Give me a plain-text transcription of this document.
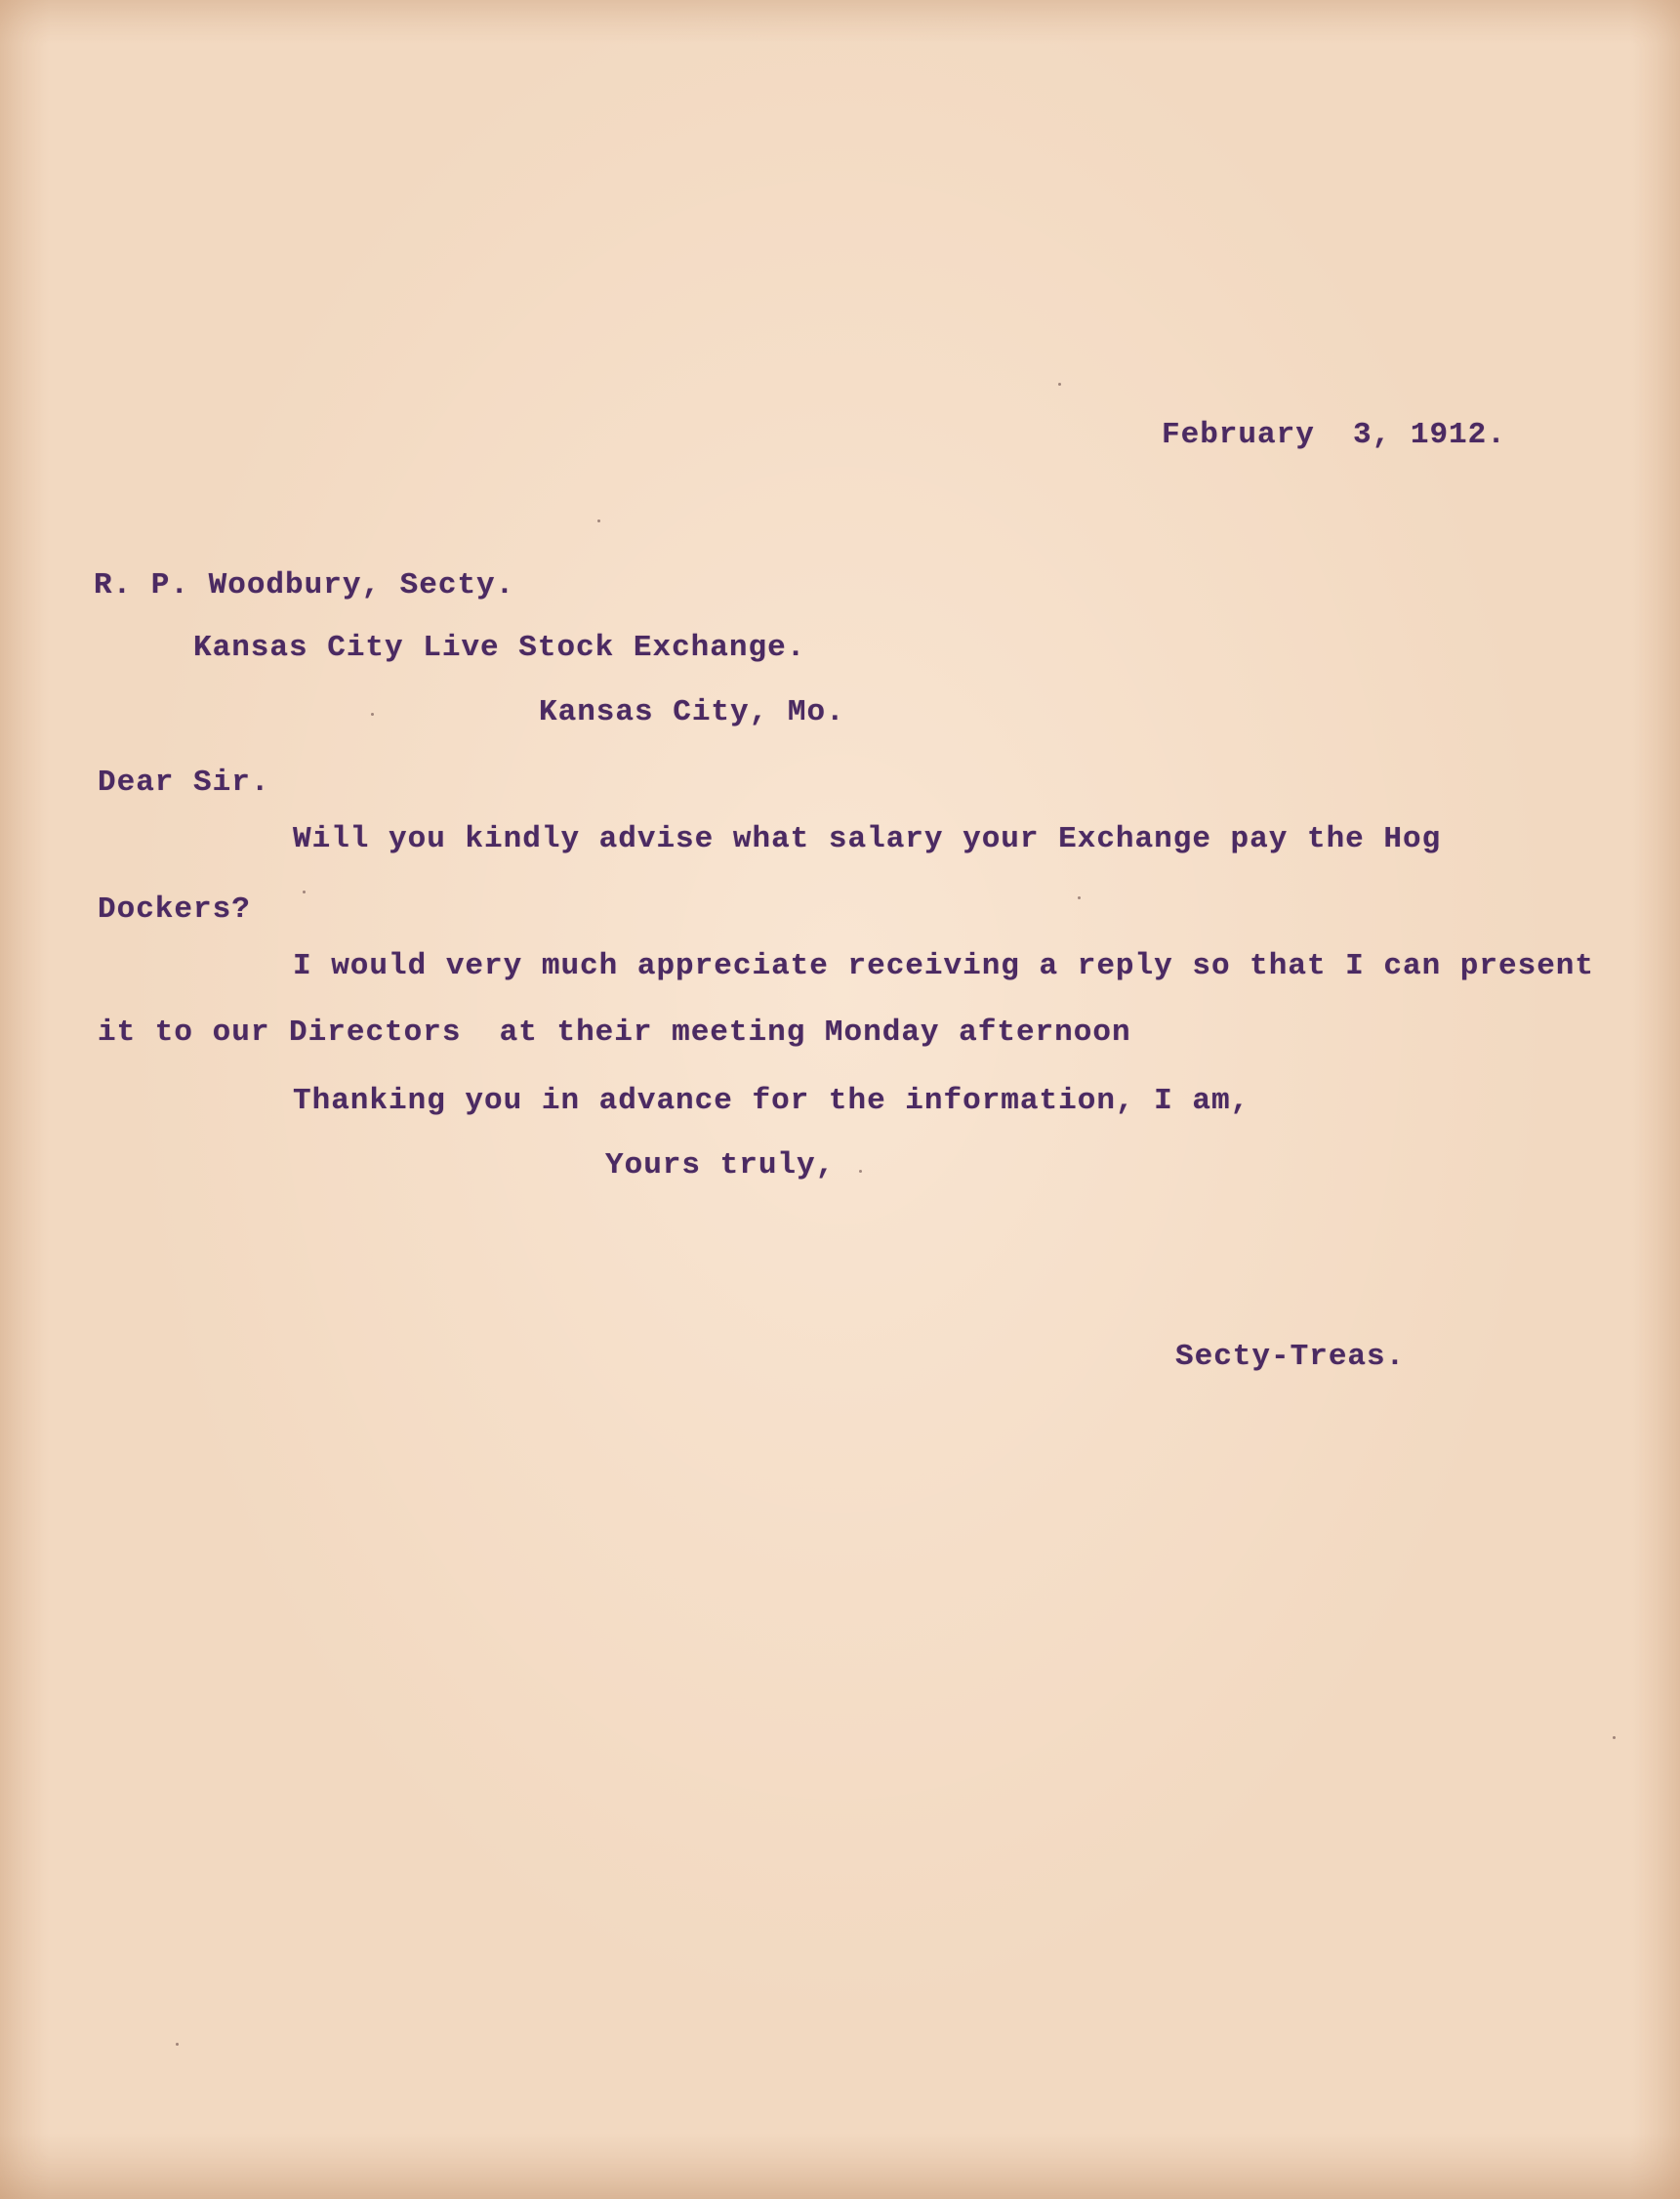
February  3, 1912.

R. P. Woodbury, Secty.

Kansas City Live Stock Exchange.

Kansas City, Mo.

Dear Sir.

Will you kindly advise what salary your Exchange pay the Hog

Dockers?

I would very much appreciate receiving a reply so that I can present

it to our Directors  at their meeting Monday afternoon

Thanking you in advance for the information, I am,

Yours truly,

Secty-Treas.
